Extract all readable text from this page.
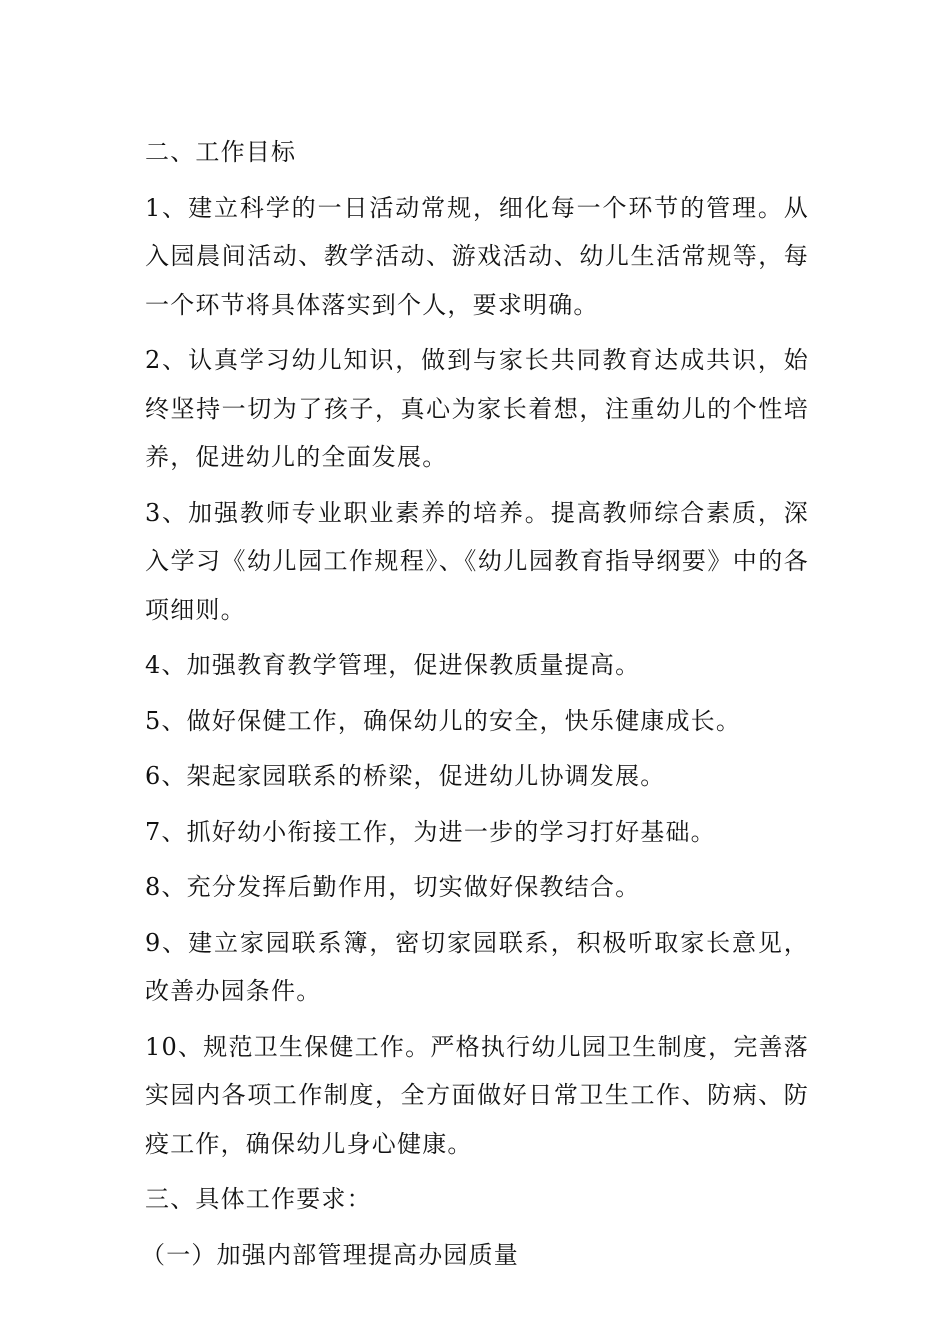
二、工作目标

1、建立科学的一日活动常规，细化每一个环节的管理。从入园晨间活动、教学活动、游戏活动、幼儿生活常规等，每一个环节将具体落实到个人，要求明确。

2、认真学习幼儿知识，做到与家长共同教育达成共识，始终坚持一切为了孩子，真心为家长着想，注重幼儿的个性培养，促进幼儿的全面发展。

3、加强教师专业职业素养的培养。提高教师综合素质，深入学习《幼儿园工作规程》、《幼儿园教育指导纲要》中的各项细则。

4、加强教育教学管理，促进保教质量提高。

5、做好保健工作，确保幼儿的安全，快乐健康成长。

6、架起家园联系的桥梁，促进幼儿协调发展。

7、抓好幼小衔接工作，为进一步的学习打好基础。

8、充分发挥后勤作用，切实做好保教结合。

9、建立家园联系簿，密切家园联系，积极听取家长意见，改善办园条件。

10、规范卫生保健工作。严格执行幼儿园卫生制度，完善落实园内各项工作制度，全方面做好日常卫生工作、防病、防疫工作，确保幼儿身心健康。

三、具体工作要求：

（一）加强内部管理提高办园质量
